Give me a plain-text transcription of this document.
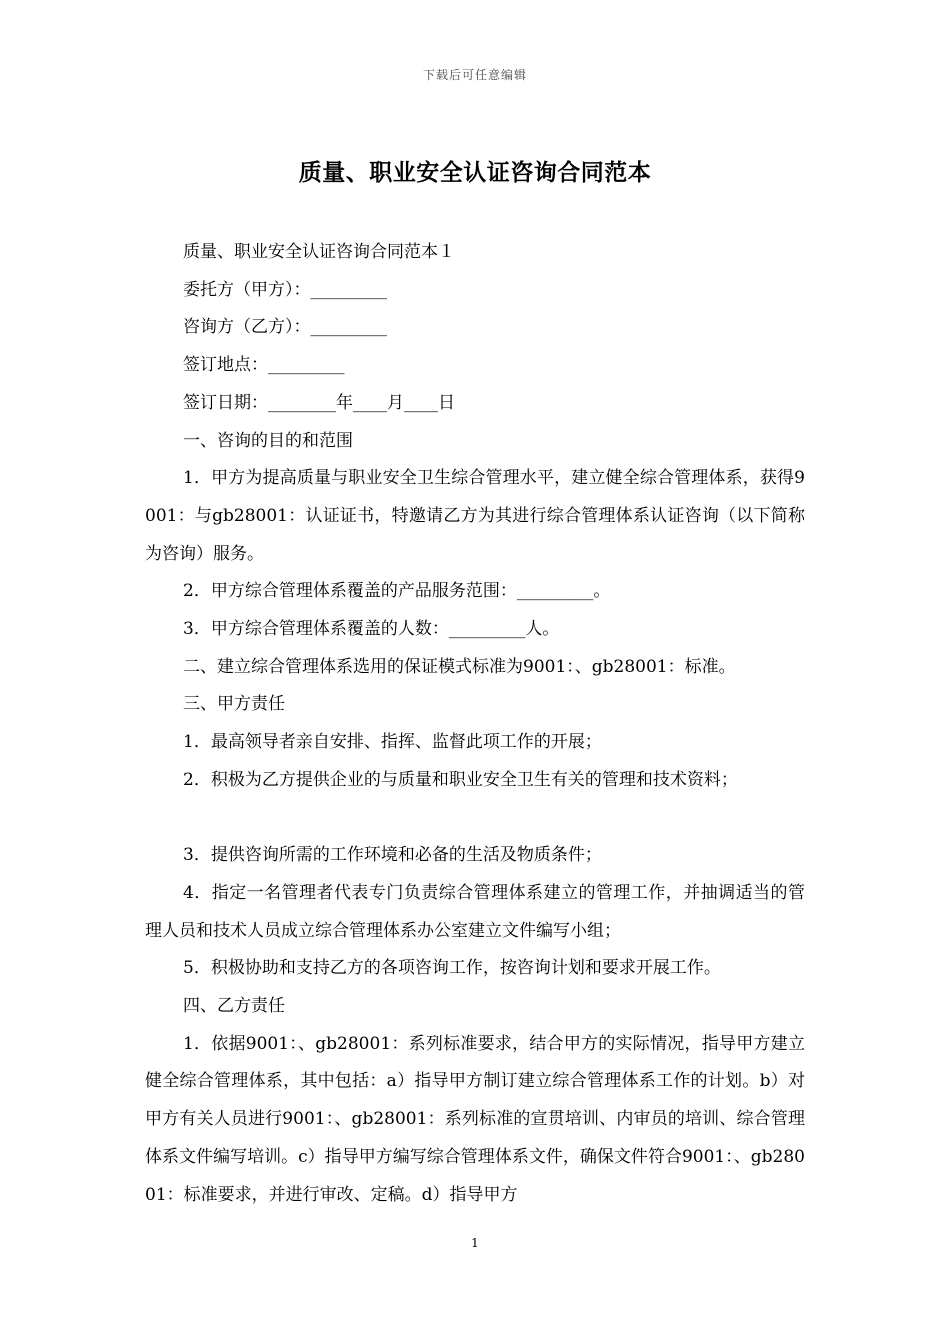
下载后可任意编辑
质量、职业安全认证咨询合同范本

质量、职业安全认证咨询合同范本１

委托方（甲方）：_________

咨询方（乙方）：_________

签订地点：_________

签订日期：________年____月____日

一、咨询的目的和范围

1．甲方为提高质量与职业安全卫生综合管理水平，建立健全综合管理体系，获得9001：与gb28001：认证证书，特邀请乙方为其进行综合管理体系认证咨询（以下简称为咨询）服务。

2．甲方综合管理体系覆盖的产品服务范围：_________。

3．甲方综合管理体系覆盖的人数：_________人。

二、建立综合管理体系选用的保证模式标准为9001：、gb28001：标准。

三、甲方责任

1．最高领导者亲自安排、指挥、监督此项工作的开展；

2．积极为乙方提供企业的与质量和职业安全卫生有关的管理和技术资料；

3．提供咨询所需的工作环境和必备的生活及物质条件；

4．指定一名管理者代表专门负责综合管理体系建立的管理工作，并抽调适当的管理人员和技术人员成立综合管理体系办公室建立文件编写小组；

5．积极协助和支持乙方的各项咨询工作，按咨询计划和要求开展工作。

四、乙方责任

1．依据9001：、gb28001：系列标准要求，结合甲方的实际情况，指导甲方建立健全综合管理体系，其中包括：a）指导甲方制订建立综合管理体系工作的计划。b）对甲方有关人员进行9001：、gb28001：系列标准的宣贯培训、内审员的培训、综合管理体系文件编写培训。c）指导甲方编写综合管理体系文件，确保文件符合9001：、gb28001：标准要求，并进行审改、定稿。d）指导甲方

1
